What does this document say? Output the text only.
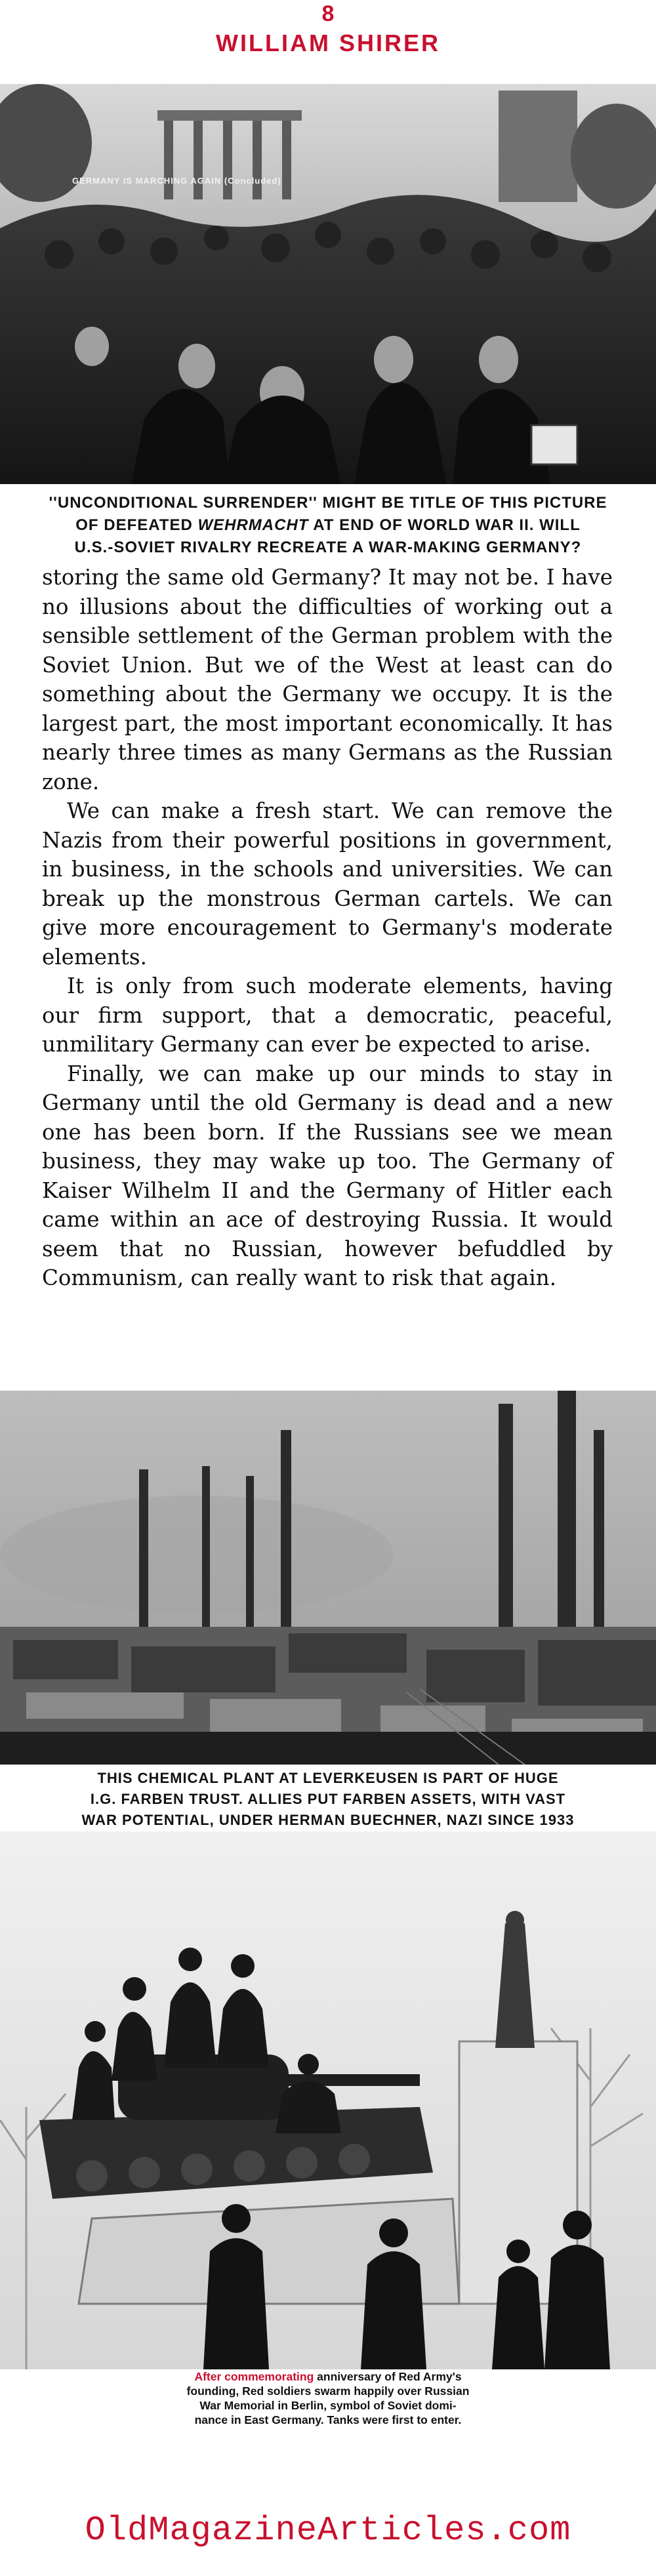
8
WILLIAM SHIRER
GERMANY IS MARCHING AGAIN (Concluded)
''UNCONDITIONAL SURRENDER'' MIGHT BE TITLE OF THIS PICTURE
OF DEFEATED WEHRMACHT AT END OF WORLD WAR II. WILL
U.S.-SOVIET RIVALRY RECREATE A WAR-MAKING GERMANY?

storing the same old Germany? It may not be. I have no illusions about the difficulties of working out a sensible settlement of the German problem with the Soviet Union. But we of the West at least can do something about the Germany we occupy. It is the largest part, the most important economically. It has nearly three times as many Germans as the Russian zone.

We can make a fresh start. We can remove the Nazis from their powerful positions in government, in business, in the schools and universities. We can break up the monstrous German cartels. We can give more encouragement to Germany's moderate elements.

It is only from such moderate elements, having our firm support, that a democratic, peaceful, unmilitary Germany can ever be expected to arise.

Finally, we can make up our minds to stay in Germany until the old Germany is dead and a new one has been born. If the Russians see we mean business, they may wake up too. The Germany of Kaiser Wilhelm II and the Germany of Hitler each came within an ace of destroying Russia. It would seem that no Russian, however befuddled by Communism, can really want to risk that again.

THIS CHEMICAL PLANT AT LEVERKEUSEN IS PART OF HUGE
I.G. FARBEN TRUST. ALLIES PUT FARBEN ASSETS, WITH VAST
WAR POTENTIAL, UNDER HERMAN BUECHNER, NAZI SINCE 1933
After commemorating anniversary of Red Army's
founding, Red soldiers swarm happily over Russian
War Memorial in Berlin, symbol of Soviet domi-
nance in East Germany. Tanks were first to enter.
OldMagazineArticles.com
